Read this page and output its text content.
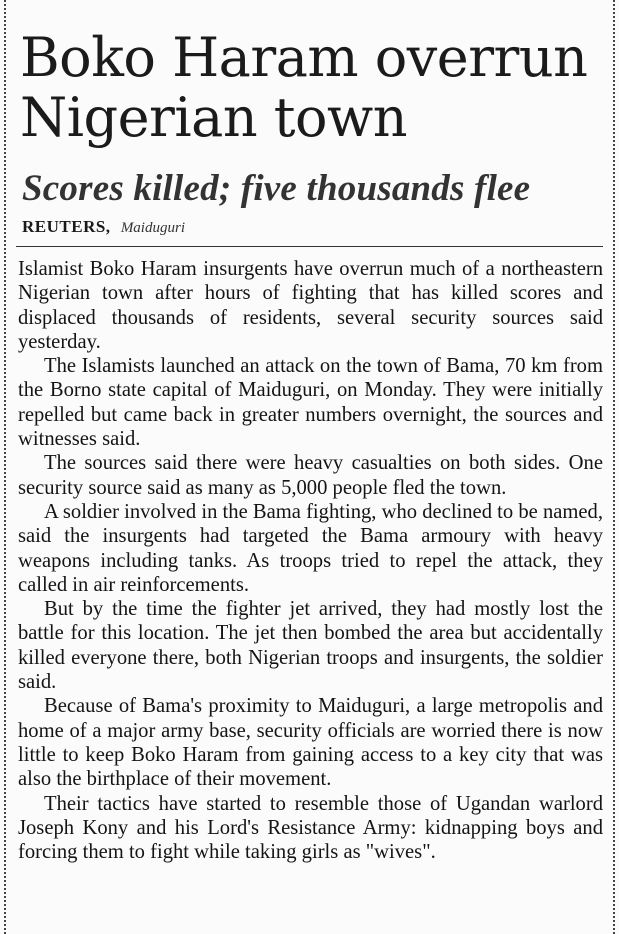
Boko Haram overrun Nigerian town
Scores killed; five thousands flee
REUTERS, Maiduguri

Islamist Boko Haram insurgents have overrun much of a northeastern Nigerian town after hours of fighting that has killed scores and displaced thousands of residents, several security sources said yesterday.

The Islamists launched an attack on the town of Bama, 70 km from the Borno state capital of Maiduguri, on Monday. They were initially repelled but came back in greater numbers overnight, the sources and witnesses said.

The sources said there were heavy casualties on both sides. One security source said as many as 5,000 people fled the town.

A soldier involved in the Bama fighting, who declined to be named, said the insurgents had targeted the Bama armoury with heavy weapons including tanks. As troops tried to repel the attack, they called in air reinforcements.

But by the time the fighter jet arrived, they had mostly lost the battle for this location. The jet then bombed the area but accidentally killed everyone there, both Nigerian troops and insurgents, the soldier said.

Because of Bama's proximity to Maiduguri, a large metropolis and home of a major army base, security officials are worried there is now little to keep Boko Haram from gaining access to a key city that was also the birthplace of their movement.

Their tactics have started to resemble those of Ugandan warlord Joseph Kony and his Lord's Resistance Army: kidnapping boys and forcing them to fight while taking girls as "wives".
